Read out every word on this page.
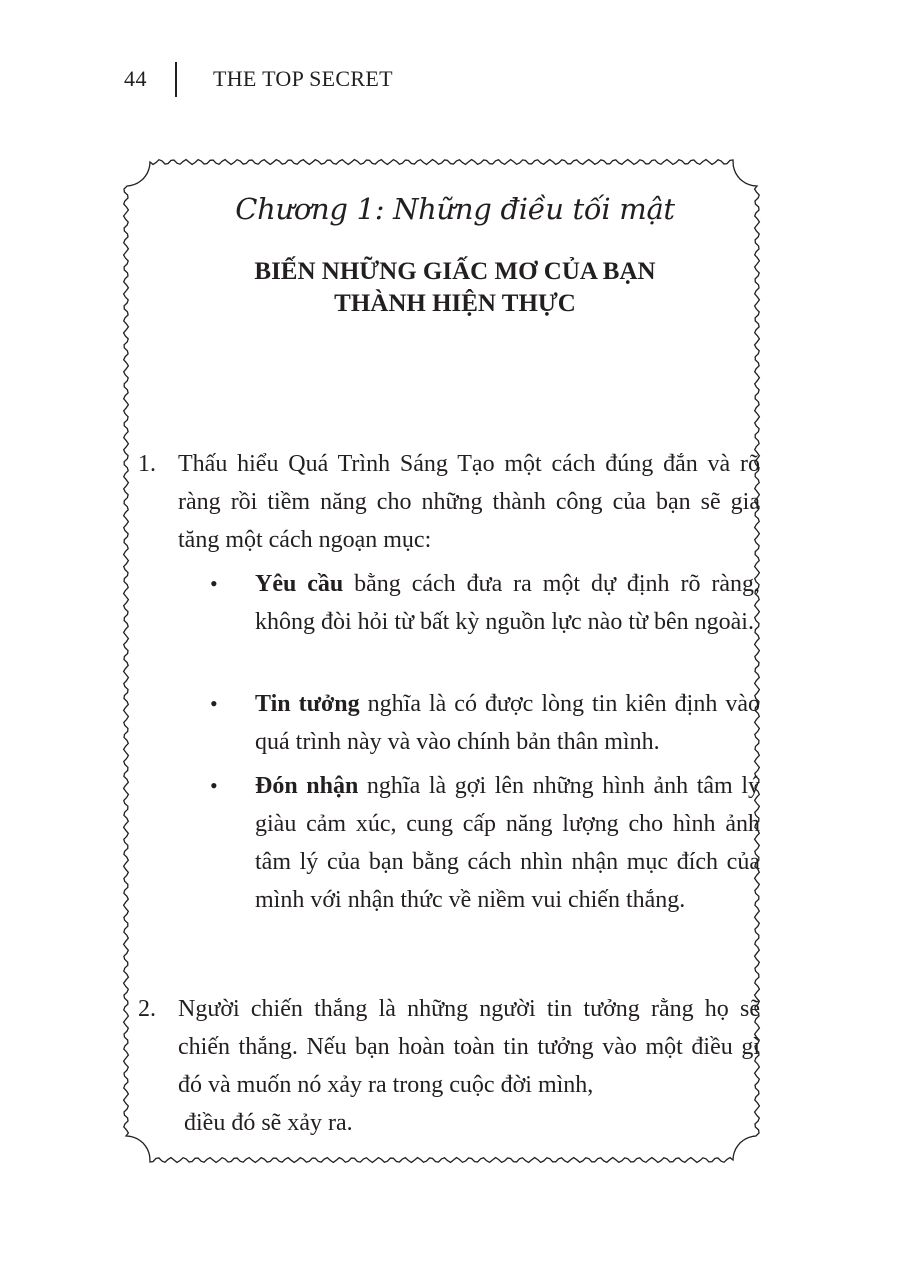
44	THE TOP SECRET
Chương 1: Những điều tối mật
BIẾN NHỮNG GIẤC MƠ CỦA BẠN
THÀNH HIỆN THỰC
1. Thấu hiểu Quá Trình Sáng Tạo một cách đúng đắn và rõ ràng rồi tiềm năng cho những thành công của bạn sẽ gia tăng một cách ngoạn mục:
• Yêu cầu bằng cách đưa ra một dự định rõ ràng, không đòi hỏi từ bất kỳ nguồn lực nào từ bên ngoài.
• Tin tưởng nghĩa là có được lòng tin kiên định vào quá trình này và vào chính bản thân mình.
• Đón nhận nghĩa là gợi lên những hình ảnh tâm lý giàu cảm xúc, cung cấp năng lượng cho hình ảnh tâm lý của bạn bằng cách nhìn nhận mục đích của mình với nhận thức về niềm vui chiến thắng.
2. Người chiến thắng là những người tin tưởng rằng họ sẽ chiến thắng. Nếu bạn hoàn toàn tin tưởng vào một điều gì đó và muốn nó xảy ra trong cuộc đời mình,
điều đó sẽ xảy ra.
